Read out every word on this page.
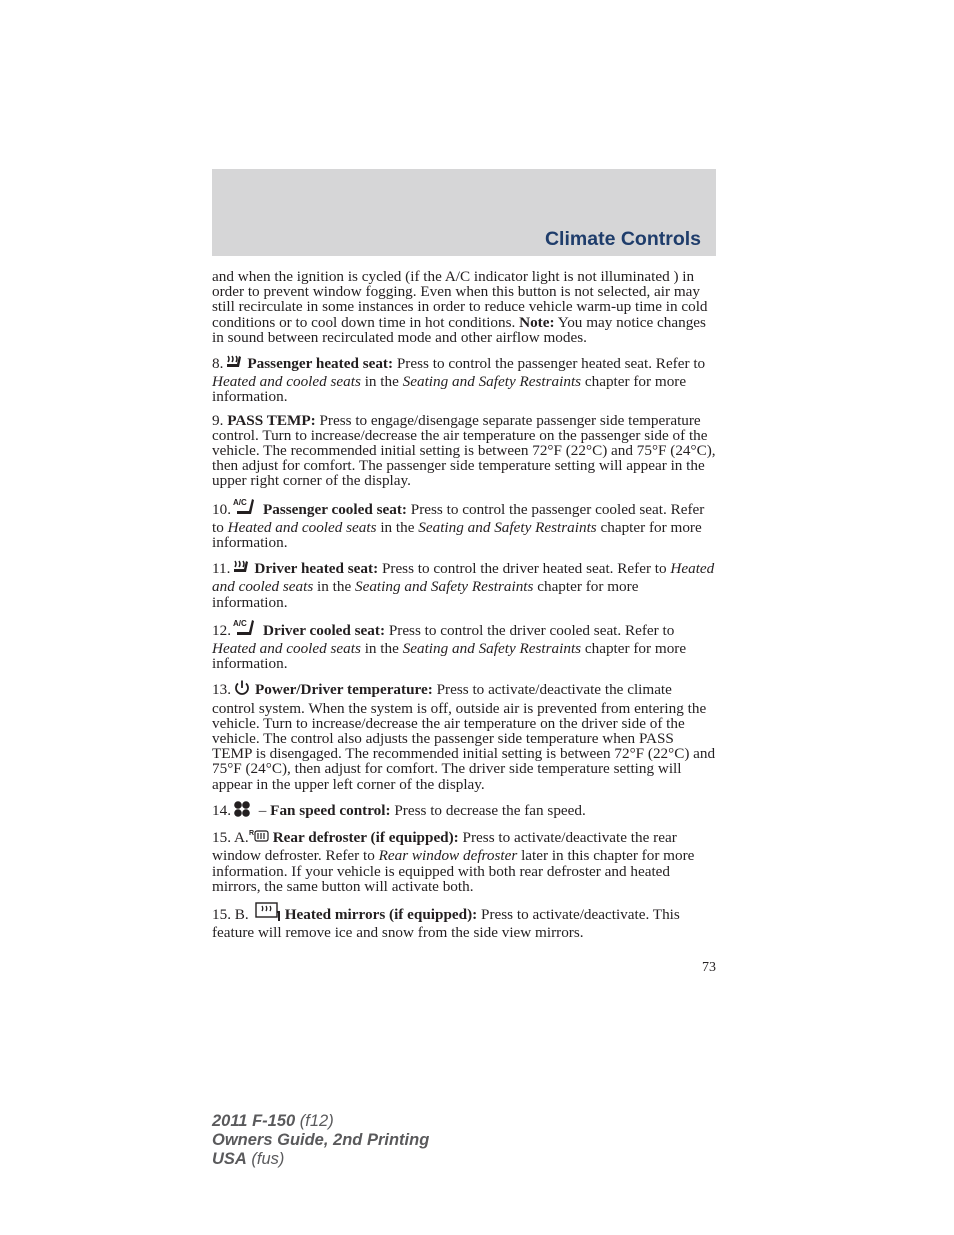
Climate Controls

and when the ignition is cycled (if the A/C indicator light is not illuminated ) in order to prevent window fogging. Even when this button is not selected, air may still recirculate in some instances in order to reduce vehicle warm-up time in cold conditions or to cool down time in hot conditions. Note: You may notice changes in sound between recirculated mode and other airflow modes.

8. Passenger heated seat: Press to control the passenger heated seat. Refer to Heated and cooled seats in the Seating and Safety Restraints chapter for more information.

9. PASS TEMP: Press to engage/disengage separate passenger side temperature control. Turn to increase/decrease the air temperature on the passenger side of the vehicle. The recommended initial setting is between 72°F (22°C) and 75°F (24°C), then adjust for comfort. The passenger side temperature setting will appear in the upper right corner of the display.

10. A/C Passenger cooled seat: Press to control the passenger cooled seat. Refer to Heated and cooled seats in the Seating and Safety Restraints chapter for more information.

11. Driver heated seat: Press to control the driver heated seat. Refer to Heated and cooled seats in the Seating and Safety Restraints chapter for more information.

12. A/C Driver cooled seat: Press to control the driver cooled seat. Refer to Heated and cooled seats in the Seating and Safety Restraints chapter for more information.

13. Power/Driver temperature: Press to activate/deactivate the climate control system. When the system is off, outside air is prevented from entering the vehicle. Turn to increase/decrease the air temperature on the driver side of the vehicle. The control also adjusts the passenger side temperature when PASS TEMP is disengaged. The recommended initial setting is between 72°F (22°C) and 75°F (24°C), then adjust for comfort. The driver side temperature setting will appear in the upper left corner of the display.

14. – Fan speed control: Press to decrease the fan speed.

15. A. R Rear defroster (if equipped): Press to activate/deactivate the rear window defroster. Refer to Rear window defroster later in this chapter for more information. If your vehicle is equipped with both rear defroster and heated mirrors, the same button will activate both.

15. B. Heated mirrors (if equipped): Press to activate/deactivate. This feature will remove ice and snow from the side view mirrors.

73
2011 F-150 (f12)
Owners Guide, 2nd Printing
USA (fus)
